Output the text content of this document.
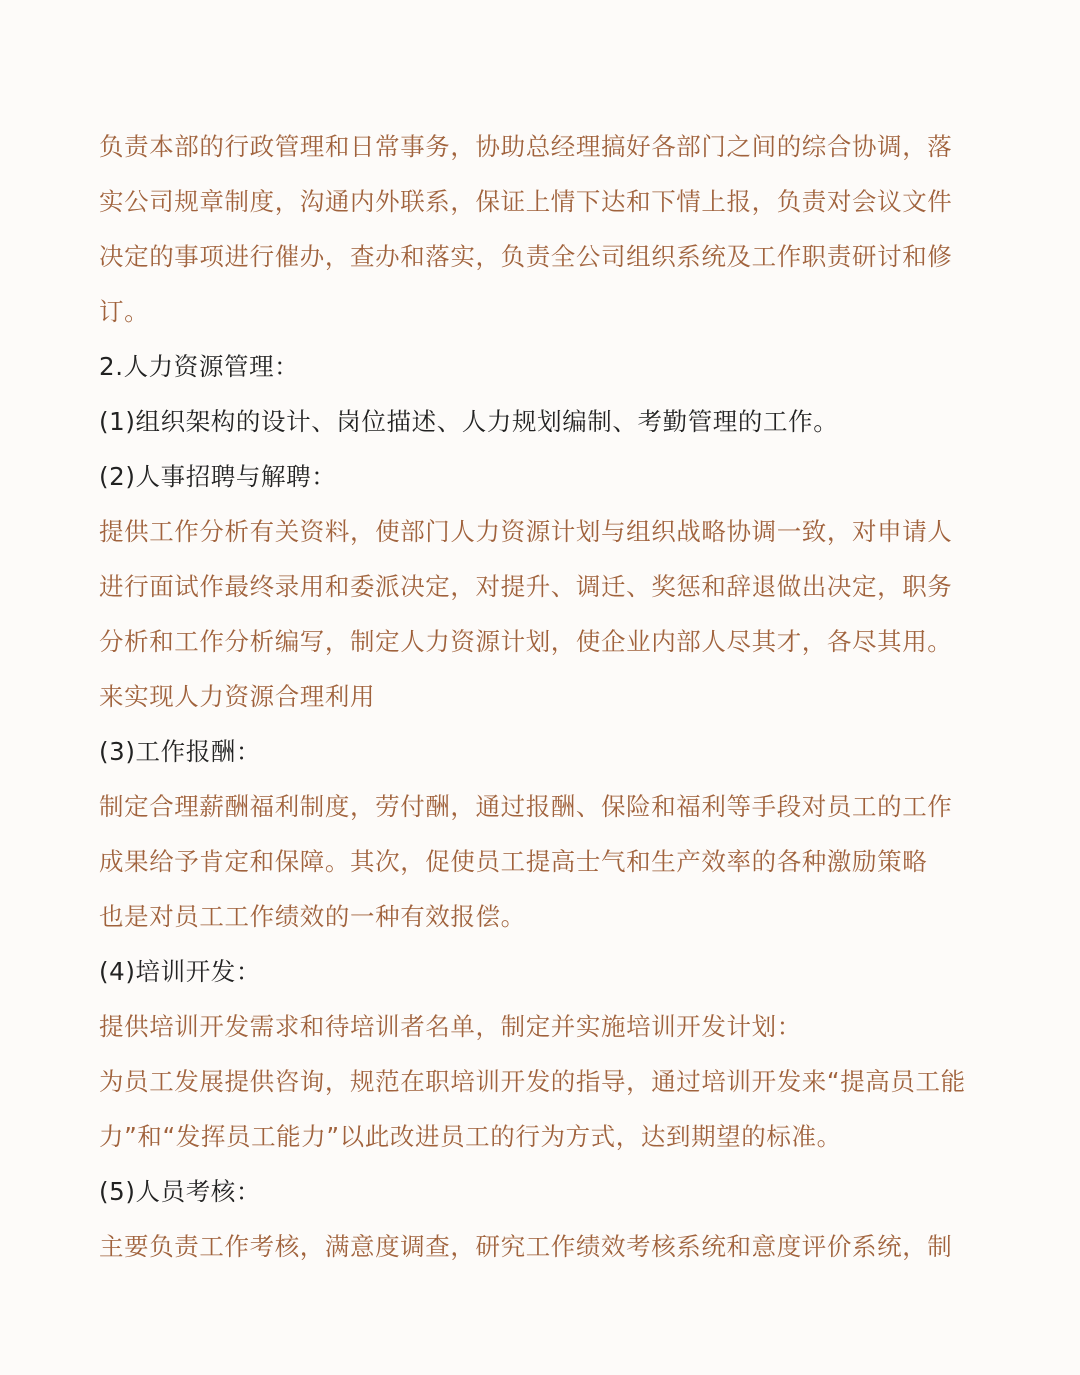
负责本部的行政管理和日常事务，协助总经理搞好各部门之间的综合协调，落
实公司规章制度，沟通内外联系，保证上情下达和下情上报，负责对会议文件
决定的事项进行催办，查办和落实，负责全公司组织系统及工作职责研讨和修
订。
2.人力资源管理：
(1)组织架构的设计、岗位描述、人力规划编制、考勤管理的工作。
(2)人事招聘与解聘：
提供工作分析有关资料，使部门人力资源计划与组织战略协调一致，对申请人
进行面试作最终录用和委派决定，对提升、调迁、奖惩和辞退做出决定，职务
分析和工作分析编写，制定人力资源计划，使企业内部人尽其才，各尽其用。
来实现人力资源合理利用
(3)工作报酬：
制定合理薪酬福利制度，劳付酬，通过报酬、保险和福利等手段对员工的工作
成果给予肯定和保障。其次，促使员工提高士气和生产效率的各种激励策略
也是对员工工作绩效的一种有效报偿。
(4)培训开发：
提供培训开发需求和待培训者名单，制定并实施培训开发计划：
为员工发展提供咨询，规范在职培训开发的指导，通过培训开发来“提高员工能
力”和“发挥员工能力”以此改进员工的行为方式，达到期望的标准。
(5)人员考核：
主要负责工作考核，满意度调查，研究工作绩效考核系统和意度评价系统，制
